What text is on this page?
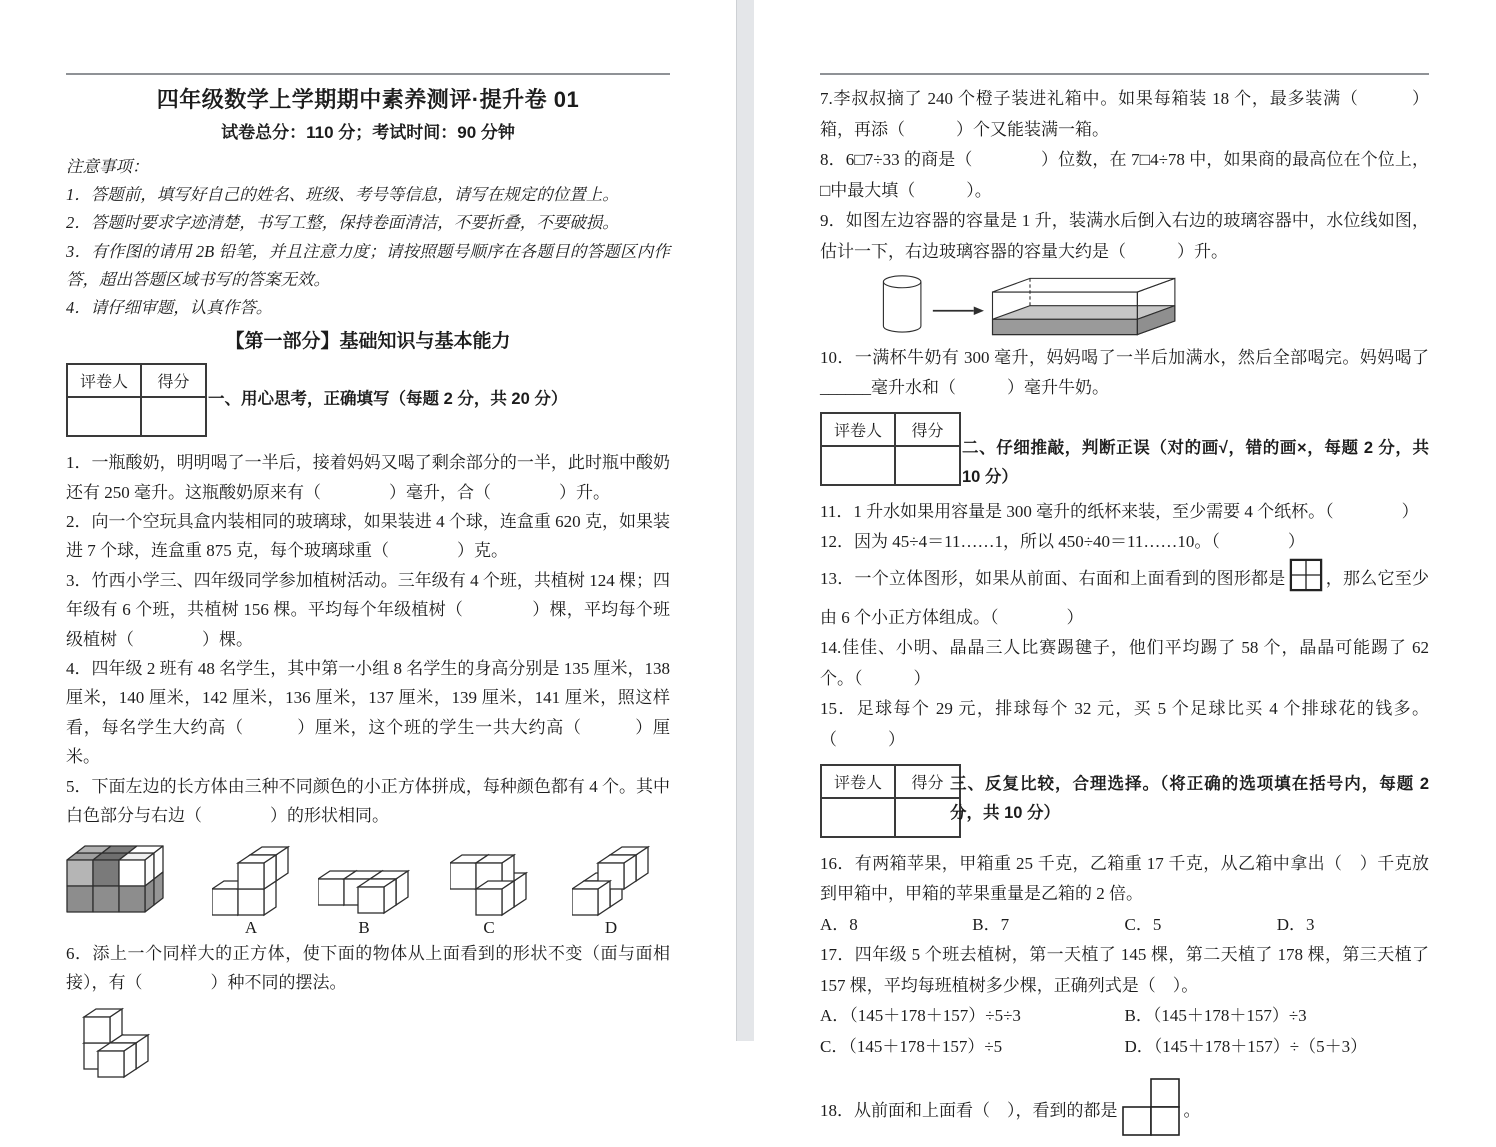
四年级数学上学期期中素养测评·提升卷 01
试卷总分：110 分；考试时间：90 分钟

注意事项：

1．答题前，填写好自己的姓名、班级、考号等信息，请写在规定的位置上。

2．答题时要求字迹清楚，书写工整，保持卷面清洁，不要折叠，不要破损。

3．有作图的请用 2B 铅笔，并且注意力度；请按照题号顺序在各题目的答题区内作答，超出答题区域书写的答案无效。

4．请仔细审题，认真作答。

【第一部分】基础知识与基本能力
评卷人	得分

一、用心思考，正确填写（每题 2 分，共 20 分）

1．一瓶酸奶，明明喝了一半后，接着妈妈又喝了剩余部分的一半，此时瓶中酸奶还有 250 毫升。这瓶酸奶原来有（　　　　）毫升，合（　　　　）升。

2．向一个空玩具盒内装相同的玻璃球，如果装进 4 个球，连盒重 620 克，如果装进 7 个球，连盒重 875 克，每个玻璃球重（　　　　）克。

3．竹西小学三、四年级同学参加植树活动。三年级有 4 个班，共植树 124 棵；四年级有 6 个班，共植树 156 棵。平均每个年级植树（　　　　）棵，平均每个班级植树（　　　　）棵。

4．四年级 2 班有 48 名学生，其中第一小组 8 名学生的身高分别是 135 厘米，138 厘米，140 厘米，142 厘米，136 厘米，137 厘米，139 厘米，141 厘米，照这样看，每名学生大约高（　　　）厘米，这个班的学生一共大约高（　　　）厘米。

5．下面左边的长方体由三种不同颜色的小正方体拼成，每种颜色都有 4 个。其中白色部分与右边（　　　　）的形状相同。

A	B	C	D

6．添上一个同样大的正方体，使下面的物体从上面看到的形状不变（面与面相接），有（　　　　）种不同的摆法。

7.李叔叔摘了 240 个橙子装进礼箱中。如果每箱装 18 个，最多装满（　　　）箱，再添（　　　）个又能装满一箱。

8．6□7÷33 的商是（　　　　）位数，在 7□4÷78 中，如果商的最高位在个位上，□中最大填（　　　）。

9．如图左边容器的容量是 1 升，装满水后倒入右边的玻璃容器中，水位线如图，估计一下，右边玻璃容器的容量大约是（　　　）升。

10．一满杯牛奶有 300 毫升，妈妈喝了一半后加满水，然后全部喝完。妈妈喝了______毫升水和（　　　）毫升牛奶。

评卷人	得分

二、仔细推敲，判断正误（对的画√，错的画×，每题 2 分，共 10 分）

11．1 升水如果用容量是 300 毫升的纸杯来装，至少需要 4 个纸杯。（　　　　）

12．因为 45÷4＝11……1，所以 450÷40＝11……10。（　　　　）

13．一个立体图形，如果从前面、右面和上面看到的图形都是 ，那么它至少由 6 个小正方体组成。（　　　　）

14.佳佳、小明、晶晶三人比赛踢毽子，他们平均踢了 58 个，晶晶可能踢了 62 个。（　　　）

15．足球每个 29 元，排球每个 32 元，买 5 个足球比买 4 个排球花的钱多。（　　　）

评卷人	得分
	三、反复比较，合理选择。（将正确的选项填在括号内，每题 2 分，共 10 分）

16．有两箱苹果，甲箱重 25 千克，乙箱重 17 千克，从乙箱中拿出（　）千克放到甲箱中，甲箱的苹果重量是乙箱的 2 倍。

A．8	B．7	C．5	D．3

17．四年级 5 个班去植树，第一天植了 145 棵，第二天植了 178 棵，第三天植了 157 棵，平均每班植树多少棵，正确列式是（　）。

A．（145＋178＋157）÷5÷3	B．（145＋178＋157）÷3
C．（145＋178＋157）÷5	D．（145＋178＋157）÷（5＋3）

18．从前面和上面看（　），看到的都是	。
